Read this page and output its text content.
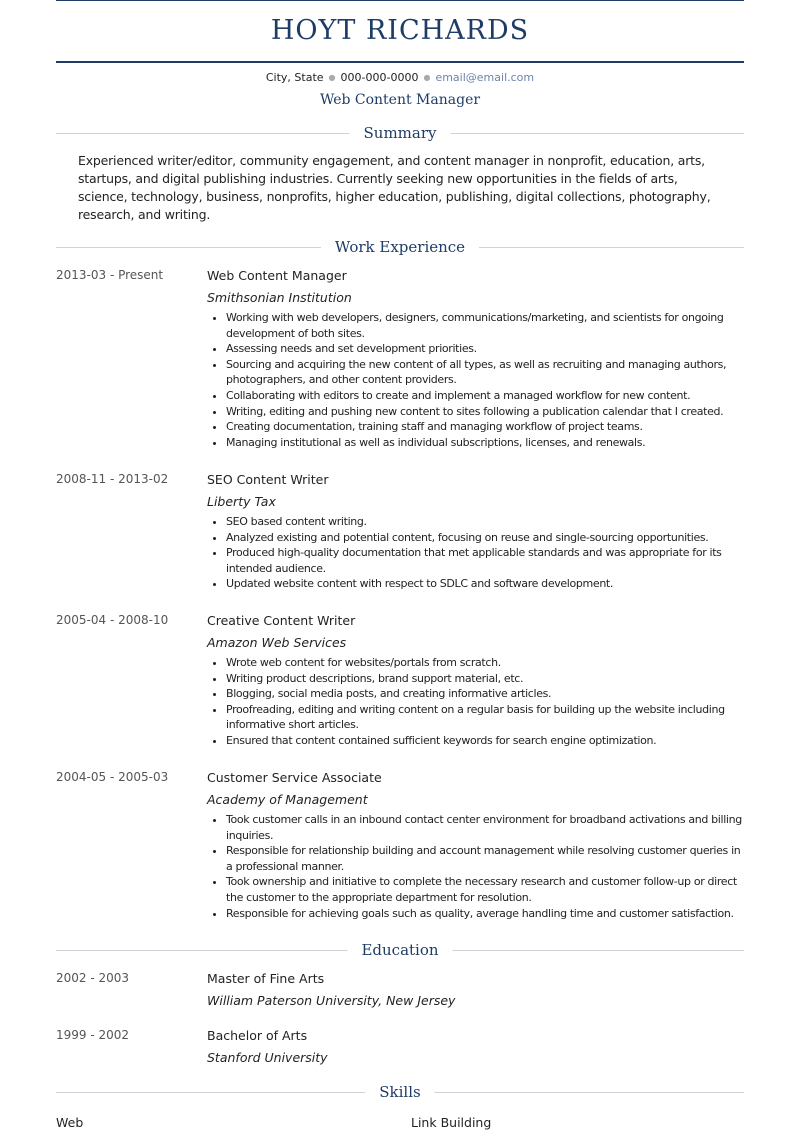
HOYT RICHARDS
City, State ● 000-000-0000 ● email@email.com
Web Content Manager
Summary

Experienced writer/editor, community engagement, and content manager in nonprofit, education, arts, startups, and digital publishing industries. Currently seeking new opportunities in the fields of arts, science, technology, business, nonprofits, higher education, publishing, digital collections, photography, research, and writing.

Work Experience
2013-03 - Present	Web Content Manager
Smithsonian Institution
• Working with web developers, designers, communications/marketing, and scientists for ongoing development of both sites.
• Assessing needs and set development priorities.
• Sourcing and acquiring the new content of all types, as well as recruiting and managing authors, photographers, and other content providers.
• Collaborating with editors to create and implement a managed workflow for new content.
• Writing, editing and pushing new content to sites following a publication calendar that I created.
• Creating documentation, training staff and managing workflow of project teams.
• Managing institutional as well as individual subscriptions, licenses, and renewals.
2008-11 - 2013-02	SEO Content Writer
Liberty Tax
• SEO based content writing.
• Analyzed existing and potential content, focusing on reuse and single-sourcing opportunities.
• Produced high-quality documentation that met applicable standards and was appropriate for its intended audience.
• Updated website content with respect to SDLC and software development.
2005-04 - 2008-10	Creative Content Writer
Amazon Web Services
• Wrote web content for websites/portals from scratch.
• Writing product descriptions, brand support material, etc.
• Blogging, social media posts, and creating informative articles.
• Proofreading, editing and writing content on a regular basis for building up the website including informative short articles.
• Ensured that content contained sufficient keywords for search engine optimization.
2004-05 - 2005-03	Customer Service Associate
Academy of Management
• Took customer calls in an inbound contact center environment for broadband activations and billing inquiries.
• Responsible for relationship building and account management while resolving customer queries in a professional manner.
• Took ownership and initiative to complete the necessary research and customer follow-up or direct the customer to the appropriate department for resolution.
• Responsible for achieving goals such as quality, average handling time and customer satisfaction.
Education
2002 - 2003	Master of Fine Arts
William Paterson University, New Jersey
1999 - 2002	Bachelor of Arts
Stanford University
Skills
Web	Link Building
